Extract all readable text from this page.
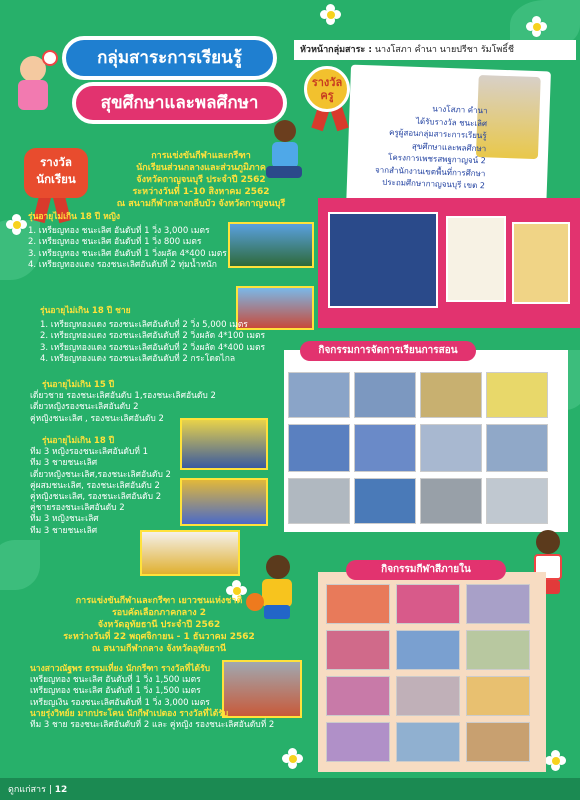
กลุ่มสาระการเรียนรู้
สุขศึกษาและพลศึกษา
หัวหน้ากลุ่มสาระ : นางโสภา คำนา นายปรีชา รัมโพธิ์ชี
นางโสภา คำนา
ได้รับรางวัล ชนะเลิศ
ครูผู้สอนกลุ่มสาระการเรียนรู้
สุขศึกษาและพลศึกษา
โครงการเพชรสพฐกาญจน์ 2
จากสำนักงานเขตพื้นที่การศึกษา
ประถมศึกษากาญจนบุรี เขต 2
รางวัล
ครู
รางวัล
นักเรียน
การแข่งขันกีฬาและกรีฑา
นักเรียนส่วนกลางและส่วนภูมิภาค
จังหวัดกาญจนบุรี ประจำปี 2562
ระหว่างวันที่ 1-10 สิงหาคม 2562
ณ สนามกีฬากลางกลีบบัว จังหวัดกาญจนบุรี
รุ่นอายุไม่เกิน 18 ปี หญิง
1. เหรียญทอง ชนะเลิศ อันดับที่ 1 วิ่ง 3,000 เมตร
2. เหรียญทอง ชนะเลิศ อันดับที่ 1 วิ่ง 800 เมตร
3. เหรียญทอง ชนะเลิศ อันดับที่ 1 วิ่งผลัด 4*400 เมตร
4. เหรียญทองแดง รองชนะเลิศอันดับที่ 2 ทุ่มน้ำหนัก
รุ่นอายุไม่เกิน 18 ปี ชาย
1. เหรียญทองแดง รองชนะเลิศอันดับที่ 2 วิ่ง 5,000 เมตร
2. เหรียญทองแดง รองชนะเลิศอันดับที่ 2 วิ่งผลัด 4*100 เมตร
3. เหรียญทองแดง รองชนะเลิศอันดับที่ 2 วิ่งผลัด 4*400 เมตร
4. เหรียญทองแดง รองชนะเลิศอันดับที่ 2 กระโดดไกล
รุ่นอายุไม่เกิน 15 ปี
เดี่ยวชาย รองชนะเลิศอันดับ 1,รองชนะเลิศอันดับ 2
เดี่ยวหญิงรองชนะเลิศอันดับ 2
คู่หญิงชนะเลิศ , รองชนะเลิศอันดับ 2
รุ่นอายุไม่เกิน 18 ปี
ทีม 3 หญิงรองชนะเลิศอันดับที่ 1
ทีม 3 ชายชนะเลิศ
เดี่ยวหญิงชนะเลิศ,รองชนะเลิศอันดับ 2
คู่ผสมชนะเลิศ, รองชนะเลิศอันดับ 2
คู่หญิงชนะเลิศ, รองชนะเลิศอันดับ 2
คู่ชายรองชนะเลิศอันดับ 2
ทีม 3 หญิงชนะเลิศ
ทีม 3 ชายชนะเลิศ
กิจกรรมการจัดการเรียนการสอน
กิจกรรมกีฬาสีภายใน
การแข่งขันกีฬาและกรีฑา เยาวชนแห่งชาติ
รอบคัดเลือกภาคกลาง 2
จังหวัดอุทัยธานี ประจำปี 2562
ระหว่างวันที่ 22 พฤศจิกายน - 1 ธันวาคม 2562
ณ สนามกีฬากลาง จังหวัดอุทัยธานี
นางสาวณัฐพร ธรรมเที่ยง นักกรีฑา รางวัลที่ได้รับ
เหรียญทอง ชนะเลิศ อันดับที่ 1 วิ่ง 1,500 เมตร
เหรียญทอง ชนะเลิศ อันดับที่ 1 วิ่ง 1,500 เมตร
เหรียญเงิน รองชนะเลิศอันดับที่ 1 วิ่ง 3,000 เมตร
นายรุ่งวิทย์ย มากประโคน นักกีฬาเปตอง รางวัลที่ได้รับ
ทีม 3 ชาย รองชนะเลิศอันดับที่ 2 และ คู่หญิง รองชนะเลิศอันดับที่ 2
ดูกแก่สาร | 12
